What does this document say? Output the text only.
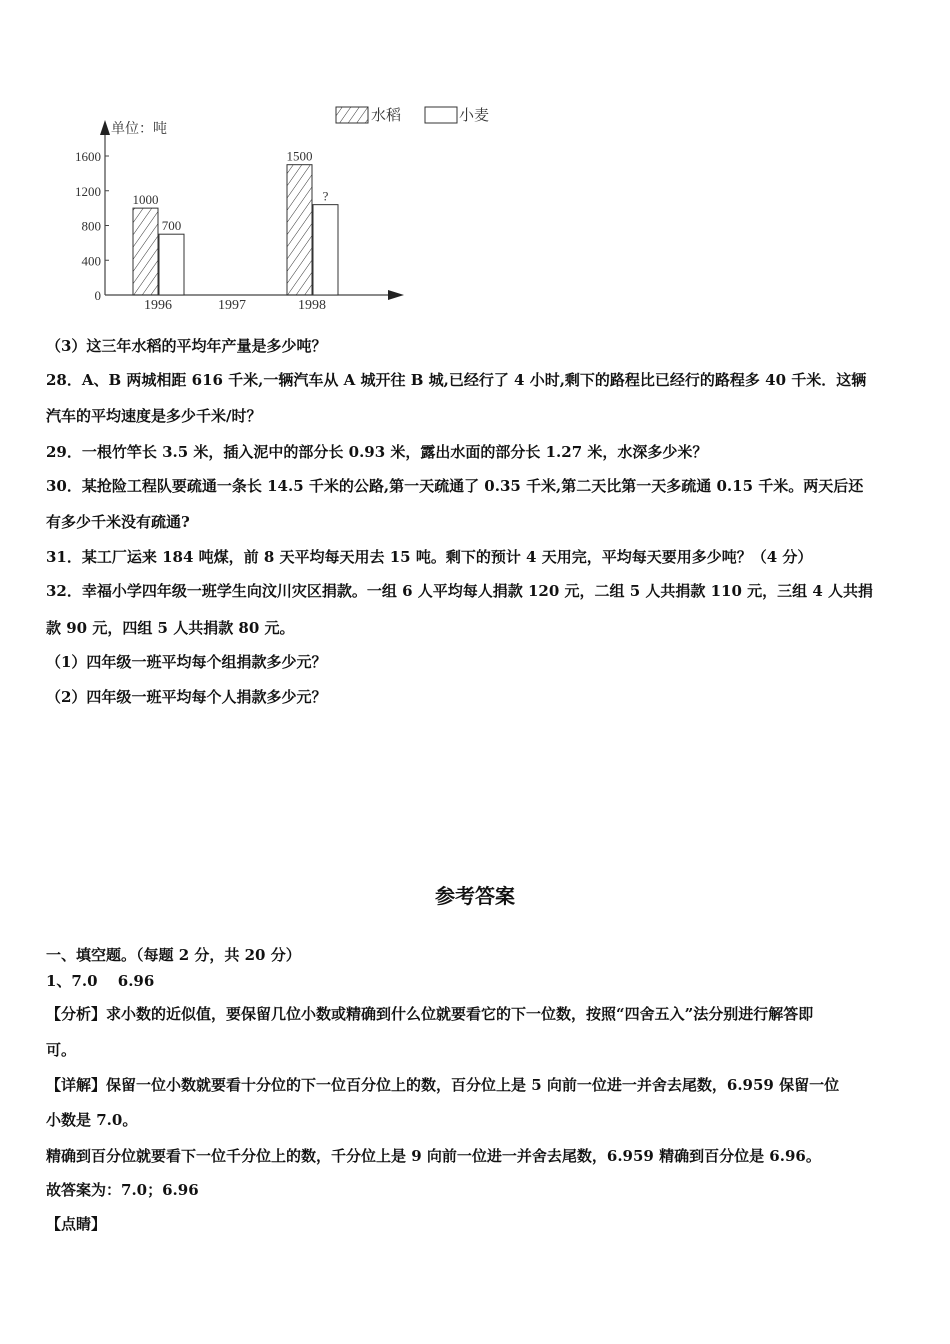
单位：吨
0
400
800
1200
1600
1996	1997	1998
1000
1500
700
?
水稻	小麦
（3）这三年水稻的平均年产量是多少吨？
28．A、B 两城相距 616 千米,一辆汽车从 A 城开往 B 城,已经行了 4 小时,剩下的路程比已经行的路程多 40 千米．这辆
汽车的平均速度是多少千米/时？
29．一根竹竿长 3.5 米，插入泥中的部分长 0.93 米，露出水面的部分长 1.27 米，水深多少米？
30．某抢险工程队要疏通一条长 14.5 千米的公路,第一天疏通了 0.35 千米,第二天比第一天多疏通 0.15 千米。两天后还
有多少千米没有疏通?
31．某工厂运来 184 吨煤，前 8 天平均每天用去 15 吨。剩下的预计 4 天用完，平均每天要用多少吨？（4 分）
32．幸福小学四年级一班学生向汶川灾区捐款。一组 6 人平均每人捐款 120 元，二组 5 人共捐款 110 元，三组 4 人共捐
款 90 元，四组 5 人共捐款 80 元。
（1）四年级一班平均每个组捐款多少元？
（2）四年级一班平均每个人捐款多少元？
参考答案
一、填空题。（每题 2 分，共 20 分）
1、7.0　 6.96
【分析】求小数的近似值，要保留几位小数或精确到什么位就要看它的下一位数，按照“四舍五入”法分别进行解答即
可。
【详解】保留一位小数就要看十分位的下一位百分位上的数，百分位上是 5 向前一位进一并舍去尾数，6.959 保留一位
小数是 7.0。
精确到百分位就要看下一位千分位上的数，千分位上是 9 向前一位进一并舍去尾数，6.959 精确到百分位是 6.96。
故答案为：7.0；6.96
【点睛】
